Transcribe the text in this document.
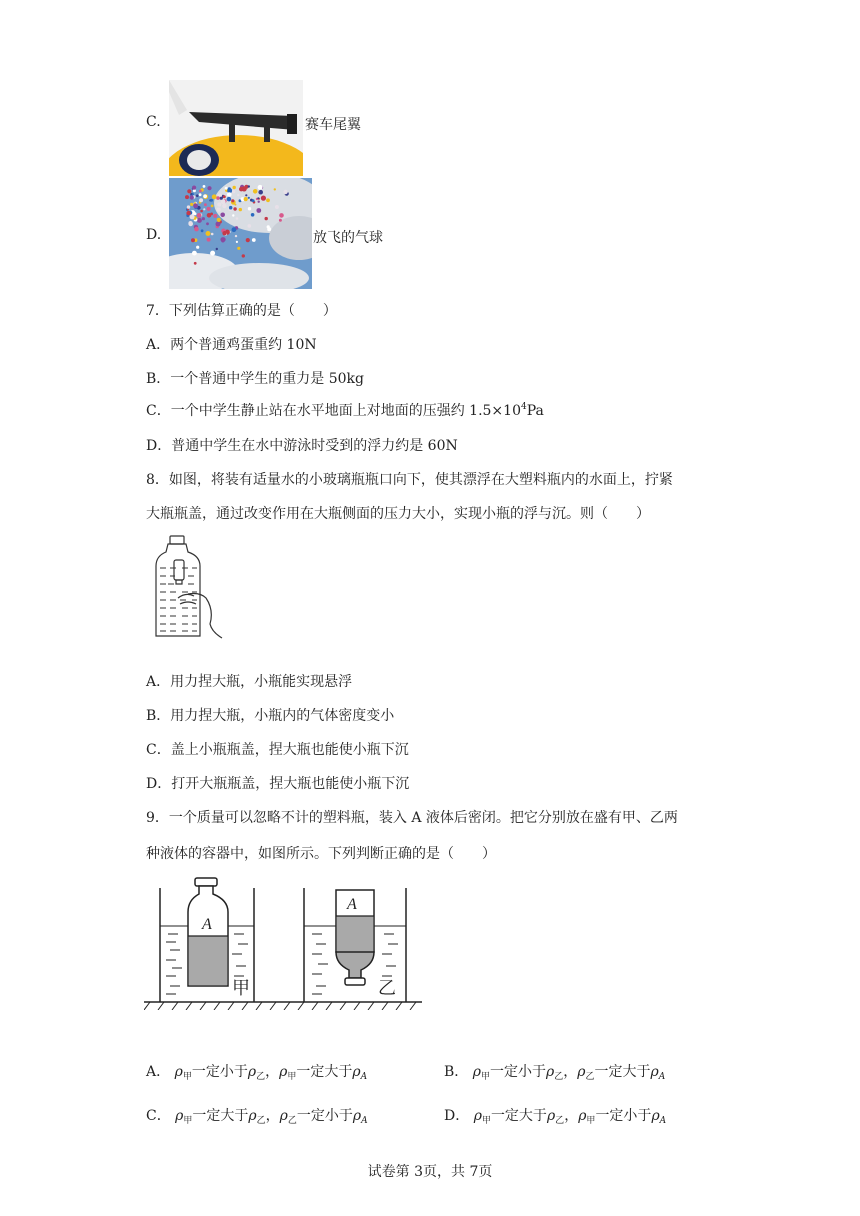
C.	赛车尾翼
D.	放飞的气球
7．下列估算正确的是（　　）
A．两个普通鸡蛋重约 10N
B．一个普通中学生的重力是 50kg
C．一个中学生静止站在水平地面上对地面的压强约 $1.5\times 10^4Pa$
D．普通中学生在水中游泳时受到的浮力约是 60N
8．如图，将装有适量水的小玻璃瓶瓶口向下，使其漂浮在大塑料瓶内的水面上，拧紧
大瓶瓶盖，通过改变作用在大瓶侧面的压力大小，实现小瓶的浮与沉。则（　　）
A．用力捏大瓶，小瓶能实现悬浮
B．用力捏大瓶，小瓶内的气体密度变小
C．盖上小瓶瓶盖，捏大瓶也能使小瓶下沉
D．打开大瓶瓶盖，捏大瓶也能使小瓶下沉
9．一个质量可以忽略不计的塑料瓶，装入 A 液体后密闭。把它分别放在盛有甲、乙两
种液体的容器中，如图所示。下列判断正确的是（　　）
A
甲
A
乙
A． $\rho_甲$一定小于$\rho_乙$，$\rho_甲$一定大于$\rho_A$	B． $\rho_甲$一定小于$\rho_乙$，$\rho_乙$一定大于$\rho_A$
C． $\rho_甲$一定大于$\rho_乙$，$\rho_乙$一定小于$\rho_A$	D． $\rho_甲$一定大于$\rho_乙$，$\rho_甲$一定小于$\rho_A$
试卷第 3页，共 7页
